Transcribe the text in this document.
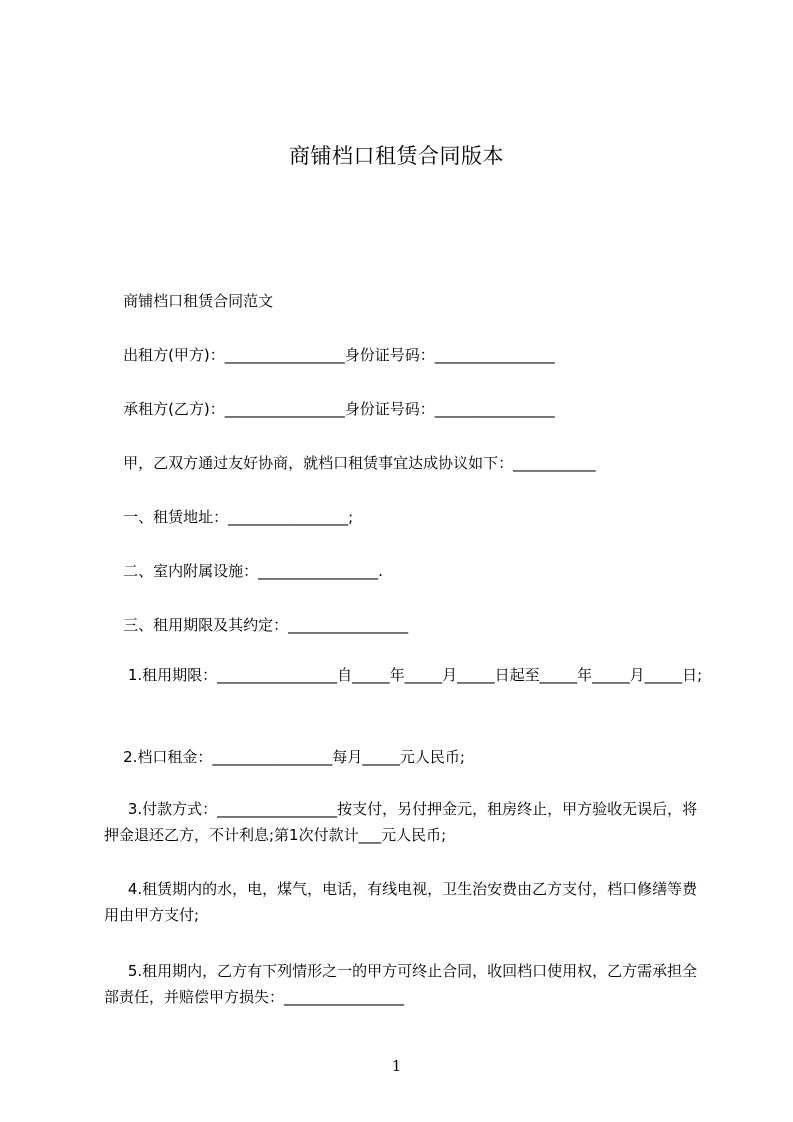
商铺档口租赁合同版本
商铺档口租赁合同范文
出租方(甲方)：________________身份证号码：________________
承租方(乙方)：________________身份证号码：________________
甲，乙双方通过友好协商，就档口租赁事宜达成协议如下：___________
一、租赁地址：________________;
二、室内附属设施：________________.
三、租用期限及其约定：________________
1.租用期限：________________自_____年_____月_____日起至_____年_____月_____日;
2.档口租金：________________每月_____元人民币;
3.付款方式：________________按支付，另付押金元，租房终止，甲方验收无误后，将押金退还乙方，不计利息;第1次付款计___元人民币;
4.租赁期内的水，电，煤气，电话，有线电视，卫生治安费由乙方支付，档口修缮等费用由甲方支付;
5.租用期内，乙方有下列情形之一的甲方可终止合同，收回档口使用权，乙方需承担全部责任，并赔偿甲方损失：________________
1
